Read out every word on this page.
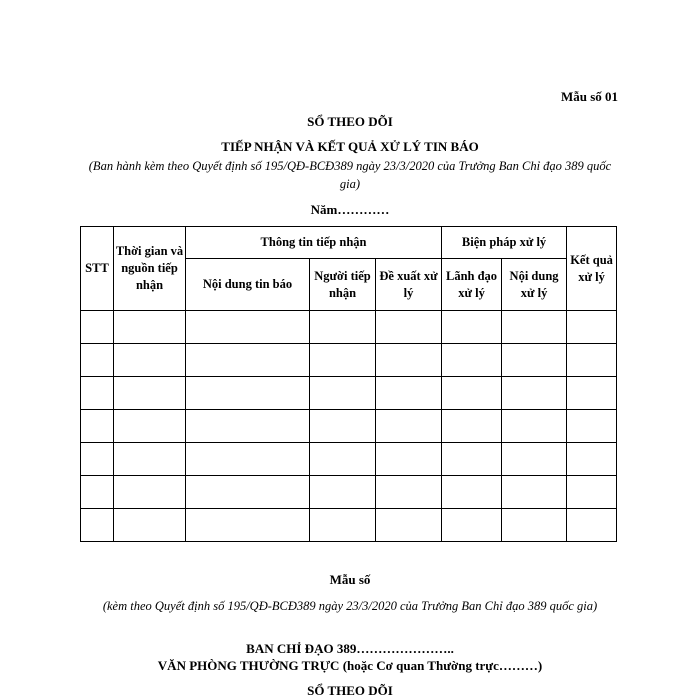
Mẫu số 01
SỔ THEO DÕI
TIẾP NHẬN VÀ KẾT QUẢ XỬ LÝ TIN BÁO
(Ban hành kèm theo Quyết định số 195/QĐ-BCĐ389 ngày 23/3/2020 của Trưởng Ban Chỉ đạo 389 quốc gia)
Năm…………
STT	Thời gian và nguồn tiếp nhận	Thông tin tiếp nhận			Biện pháp xử lý		Kết quả xử lý
		Nội dung tin báo	Người tiếp nhận	Đề xuất xử lý	Lãnh đạo xử lý	Nội dung xử lý	

Mẫu số
(kèm theo Quyết định số 195/QĐ-BCĐ389 ngày 23/3/2020 của Trưởng Ban Chỉ đạo 389 quốc gia)
BAN CHỈ ĐẠO 389…………………..
VĂN PHÒNG THƯỜNG TRỰC (hoặc Cơ quan Thường trực………)
SỔ THEO DÕI
